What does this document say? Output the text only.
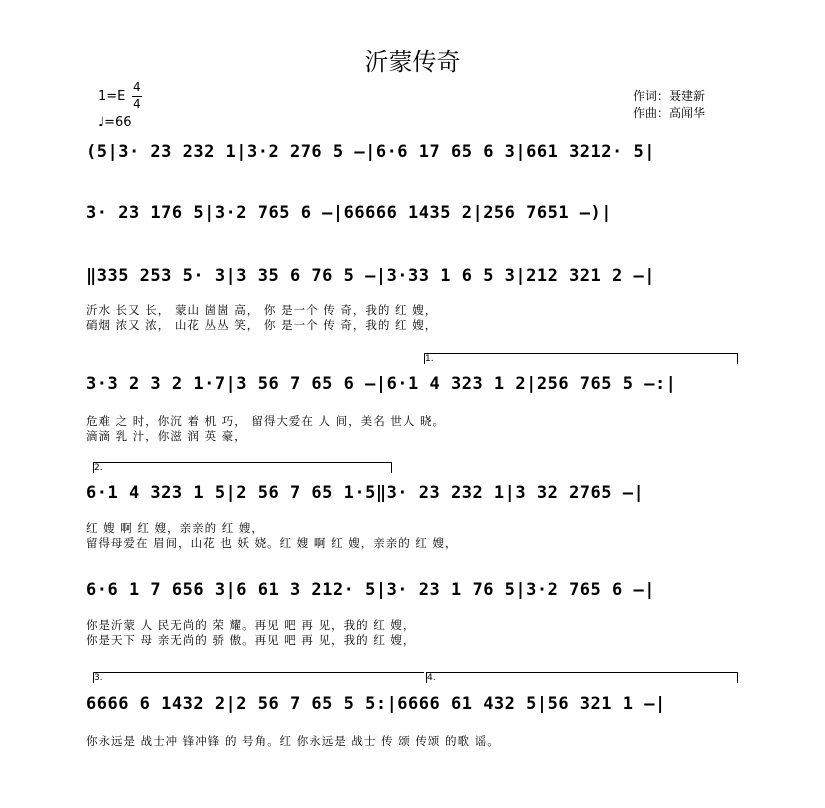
沂蒙传奇
1=E
4
4
♩=66
作词：聂建新
作曲：高闻华
(5|3· 23 232 1|3·2 276 5 –|6·6 17 65 6 3|661 3212· 5|
3· 23 176 5|3·2 765 6 –|66666 1435 2|256 7651 –)|
‖335 253 5· 3|3 35 6 76 5 –|3·33 1 6 5 3|212 321 2 –|
沂水 长又 长， 蒙山 崮崮 高， 你 是一个 传 奇，我的 红 嫂，
硝烟 浓又 浓， 山花 丛丛 笑， 你 是一个 传 奇，我的 红 嫂，
1.
3·3 2 3 2 1·7|3 56 7 65 6 –|6·1 4 323 1 2|256 765 5 –:|
危难 之 时，你沉 着 机 巧， 留得大爱在 人 间，美名 世人 晓。
滴滴 乳 汁，你滋 润 英 豪，
2.
6·1 4 323 1 5|2 56 7 65 1·5‖3· 23 232 1|3 32 2765 –|
红 嫂 啊 红 嫂，亲亲的 红 嫂，
留得母爱在 眉间，山花 也 妖 娆。红 嫂 啊 红 嫂，亲亲的 红 嫂，
6·6 1 7 656 3|6 61 3 212· 5|3· 23 1 76 5|3·2 765 6 –|
你是沂蒙 人 民无尚的 荣 耀。再见 吧 再 见，我的 红 嫂，
你是天下 母 亲无尚的 骄 傲。再见 吧 再 见，我的 红 嫂，
3.	4.
6666 6 1432 2|2 56 7 65 5 5:|6666 61 432 5|56 321 1 –|
你永远是 战士冲 锋冲锋 的 号角。红 你永远是 战士 传 颂 传颂 的歌 谣。
